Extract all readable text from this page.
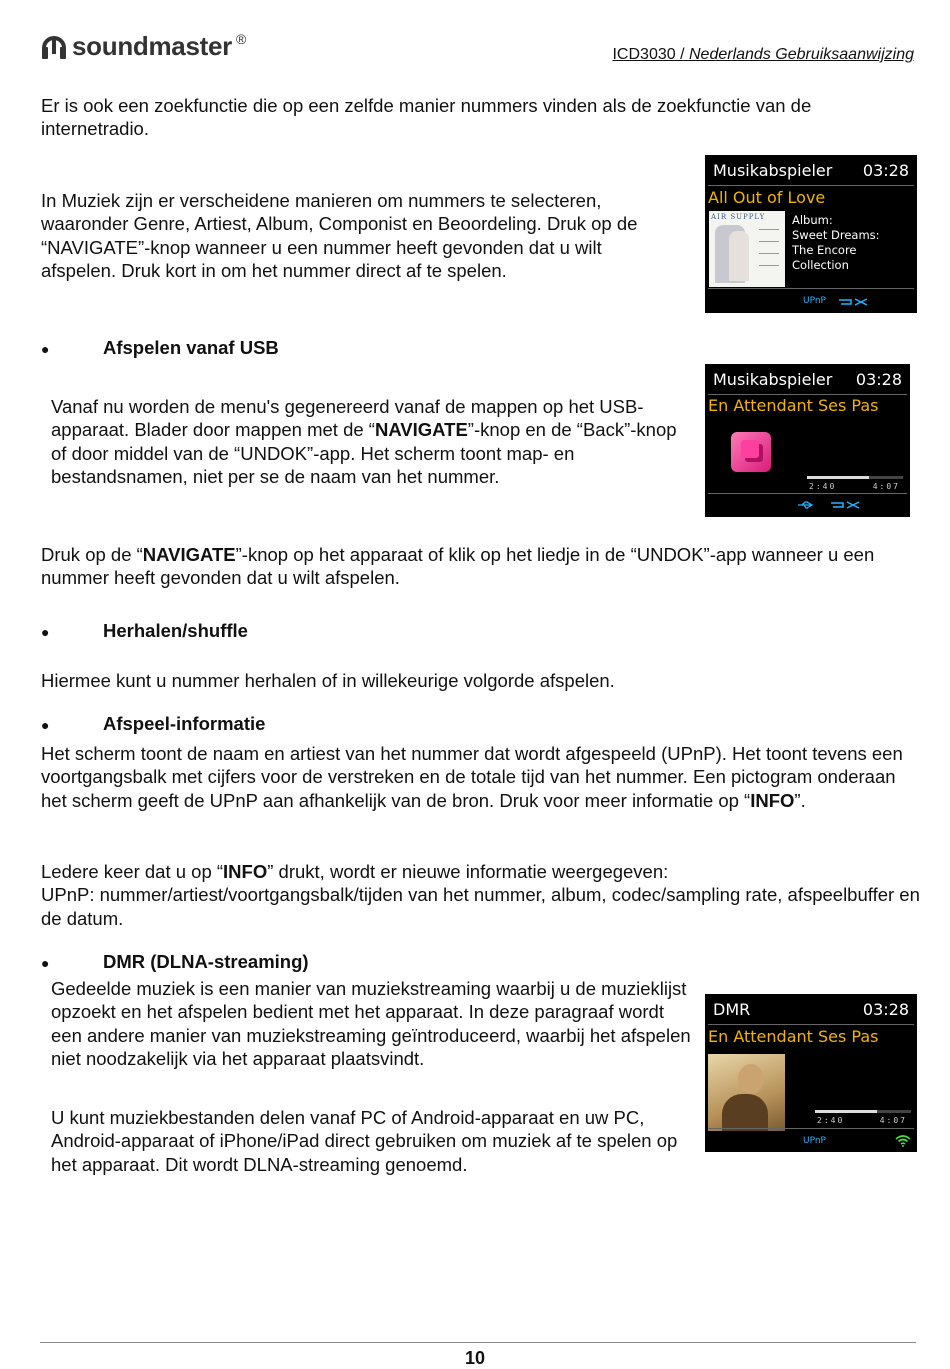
soundmaster ®
ICD3030 / Nederlands Gebruiksaanwijzing

Er is ook een zoekfunctie die op een zelfde manier nummers vinden als de zoekfunctie van de internetradio.

In Muziek zijn er verscheidene manieren om nummers te selecteren, waaronder Genre, Artiest, Album, Componist en Beoordeling. Druk op de “NAVIGATE”-knop wanneer u een nummer heeft gevonden dat u wilt afspelen. Druk kort in om het nummer direct af te spelen.

Musikabspieler 03:28
All Out of Love
AIR SUPPLY Album:
Sweet Dreams:
The Encore
Collection
UPnP
●	Afspelen vanaf USB

Vanaf nu worden de menu's gegenereerd vanaf de mappen op het USB-apparaat. Blader door mappen met de “NAVIGATE”-knop en de “Back”-knop of door middel van de “UNDOK”-app. Het scherm toont map- en bestandsnamen, niet per se de naam van het nummer.

Musikabspieler 03:28
En Attendant Ses Pas
2:40	4:07

Druk op de “NAVIGATE”-knop op het apparaat of klik op het liedje in de “UNDOK”-app wanneer u een nummer heeft gevonden dat u wilt afspelen.

●	Herhalen/shuffle

Hiermee kunt u nummer herhalen of in willekeurige volgorde afspelen.

●	Afspeel-informatie

Het scherm toont de naam en artiest van het nummer dat wordt afgespeeld (UPnP). Het toont tevens een voortgangsbalk met cijfers voor de verstreken en de totale tijd van het nummer. Een pictogram onderaan het scherm geeft de UPnP aan afhankelijk van de bron. Druk voor meer informatie op “INFO”.

Ledere keer dat u op “INFO” drukt, wordt er nieuwe informatie weergegeven:
UPnP: nummer/artiest/voortgangsbalk/tijden van het nummer, album, codec/sampling rate, afspeelbuffer en de datum.

●	DMR (DLNA-streaming)

Gedeelde muziek is een manier van muziekstreaming waarbij u de muzieklijst opzoekt en het afspelen bedient met het apparaat. In deze paragraaf wordt een andere manier van muziekstreaming geïntroduceerd, waarbij het afspelen niet noodzakelijk via het apparaat plaatsvindt.

U kunt muziekbestanden delen vanaf PC of Android-apparaat en uw PC, Android-apparaat of iPhone/iPad direct gebruiken om muziek af te spelen op het apparaat. Dit wordt DLNA-streaming genoemd.

DMR	03:28
En Attendant Ses Pas
2:40	4:07
UPnP
10
